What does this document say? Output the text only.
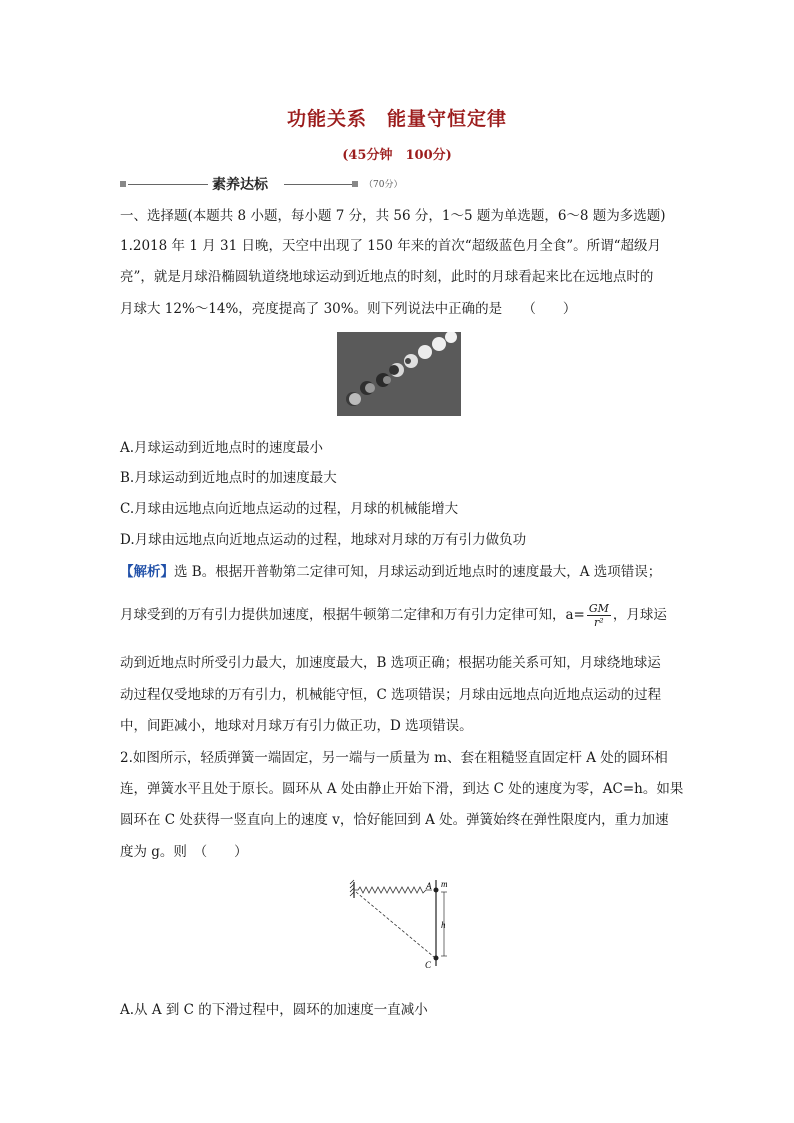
功能关系　能量守恒定律
(45分钟　100分)
素养达标	（70分）
一、选择题(本题共 8 小题，每小题 7 分，共 56 分，1～5 题为单选题，6～8 题为多选题)
1.2018 年 1 月 31 日晚，天空中出现了 150 年来的首次“超级蓝色月全食”。所谓“超级月
亮”，就是月球沿椭圆轨道绕地球运动到近地点的时刻，此时的月球看起来比在远地点时的
月球大 12%～14%，亮度提高了 30%。则下列说法中正确的是　　（　　）
A.月球运动到近地点时的速度最小
B.月球运动到近地点时的加速度最大
C.月球由远地点向近地点运动的过程，月球的机械能增大
D.月球由远地点向近地点运动的过程，地球对月球的万有引力做负功
【解析】选 B。根据开普勒第二定律可知，月球运动到近地点时的速度最大，A 选项错误；
月球受到的万有引力提供加速度，根据牛顿第二定律和万有引力定律可知，$a= \frac{GM}{\text{r²}}$ ，月球运
动到近地点时所受引力最大，加速度最大，B 选项正确；根据功能关系可知，月球绕地球运
动过程仅受地球的万有引力，机械能守恒，C 选项错误；月球由远地点向近地点运动的过程
中，间距减小，地球对月球万有引力做正功，D 选项错误。
2.如图所示，轻质弹簧一端固定，另一端与一质量为 m、套在粗糙竖直固定杆 A 处的圆环相
连，弹簧水平且处于原长。圆环从 A 处由静止开始下滑，到达 C 处的速度为零，AC=h。如果
圆环在 C 处获得一竖直向上的速度 v，恰好能回到 A 处。弹簧始终在弹性限度内，重力加速
度为 g。则　（　　）
A m
h
C
A.从 A 到 C 的下滑过程中，圆环的加速度一直减小
